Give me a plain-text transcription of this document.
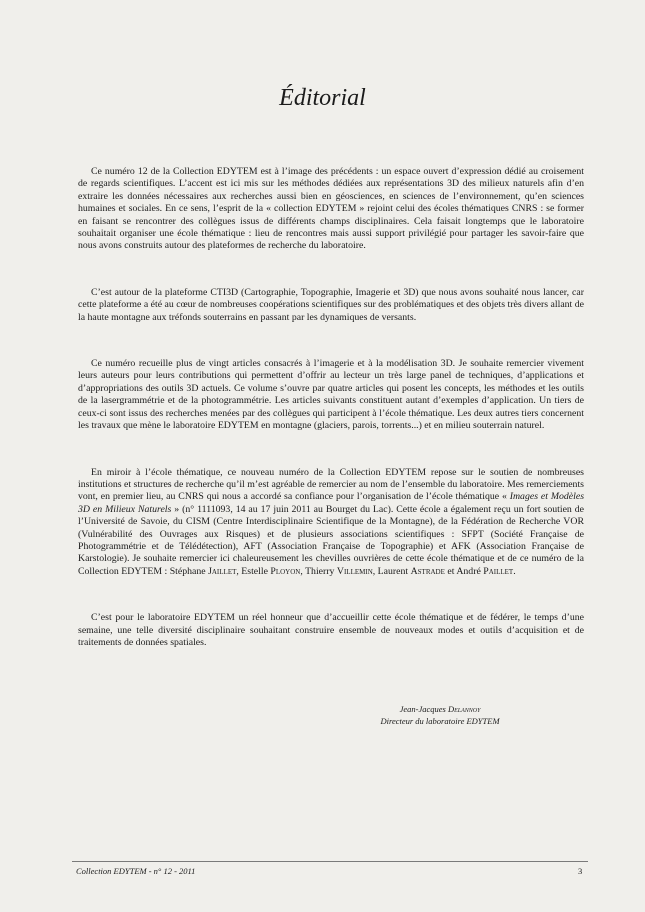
Éditorial

Ce numéro 12 de la Collection EDYTEM est à l’image des précédents : un espace ouvert d’expression dédié au croisement de regards scientifiques. L’accent est ici mis sur les méthodes dédiées aux représentations 3D des milieux naturels afin d’en extraire les données nécessaires aux recherches aussi bien en géosciences, en sciences de l’environnement, qu’en sciences humaines et sociales. En ce sens, l’esprit de la « collection EDYTEM » rejoint celui des écoles thématiques CNRS : se former en faisant se rencontrer des collègues issus de différents champs disciplinaires. Cela faisait longtemps que le laboratoire souhaitait organiser une école thématique : lieu de rencontres mais aussi support privilégié pour partager les savoir-faire que nous avons construits autour des plateformes de recherche du laboratoire.

C’est autour de la plateforme CTI3D (Cartographie, Topographie, Imagerie et 3D) que nous avons souhaité nous lancer, car cette plateforme a été au cœur de nombreuses coopérations scientifiques sur des problématiques et des objets très divers allant de la haute montagne aux tréfonds souterrains en passant par les dynamiques de versants.

Ce numéro recueille plus de vingt articles consacrés à l’imagerie et à la modélisation 3D. Je souhaite remercier vivement leurs auteurs pour leurs contributions qui permettent d’offrir au lecteur un très large panel de techniques, d’applications et d’appropriations des outils 3D actuels. Ce volume s’ouvre par quatre articles qui posent les concepts, les méthodes et les outils de la lasergrammétrie et de la photogrammétrie. Les articles suivants constituent autant d’exemples d’application. Un tiers de ceux-ci sont issus des recherches menées par des collègues qui participent à l’école thématique. Les deux autres tiers concernent les travaux que mène le laboratoire EDYTEM en montagne (glaciers, parois, torrents...) et en milieu souterrain naturel.

En miroir à l’école thématique, ce nouveau numéro de la Collection EDYTEM repose sur le soutien de nombreuses institutions et structures de recherche qu’il m’est agréable de remercier au nom de l’ensemble du laboratoire. Mes remerciements vont, en premier lieu, au CNRS qui nous a accordé sa confiance pour l’organisation de l’école thématique « Images et Modèles 3D en Milieux Naturels » (n° 1111093, 14 au 17 juin 2011 au Bourget du Lac). Cette école a également reçu un fort soutien de l’Université de Savoie, du CISM (Centre Interdisciplinaire Scientifique de la Montagne), de la Fédération de Recherche VOR (Vulnérabilité des Ouvrages aux Risques) et de plusieurs associations scientifiques : SFPT (Société Française de Photogrammétrie et de Télédétection), AFT (Association Française de Topographie) et AFK (Association Française de Karstologie). Je souhaite remercier ici chaleureusement les chevilles ouvrières de cette école thématique et de ce numéro de la Collection EDYTEM : Stéphane Jaillet, Estelle Ployon, Thierry Villemin, Laurent Astrade et André Paillet.

C’est pour le laboratoire EDYTEM un réel honneur que d’accueillir cette école thématique et de fédérer, le temps d’une semaine, une telle diversité disciplinaire souhaitant construire ensemble de nouveaux modes et outils d’acquisition et de traitements de données spatiales.

Jean-Jacques Delannoy
Directeur du laboratoire EDYTEM
Collection EDYTEM - n° 12 - 2011	3
